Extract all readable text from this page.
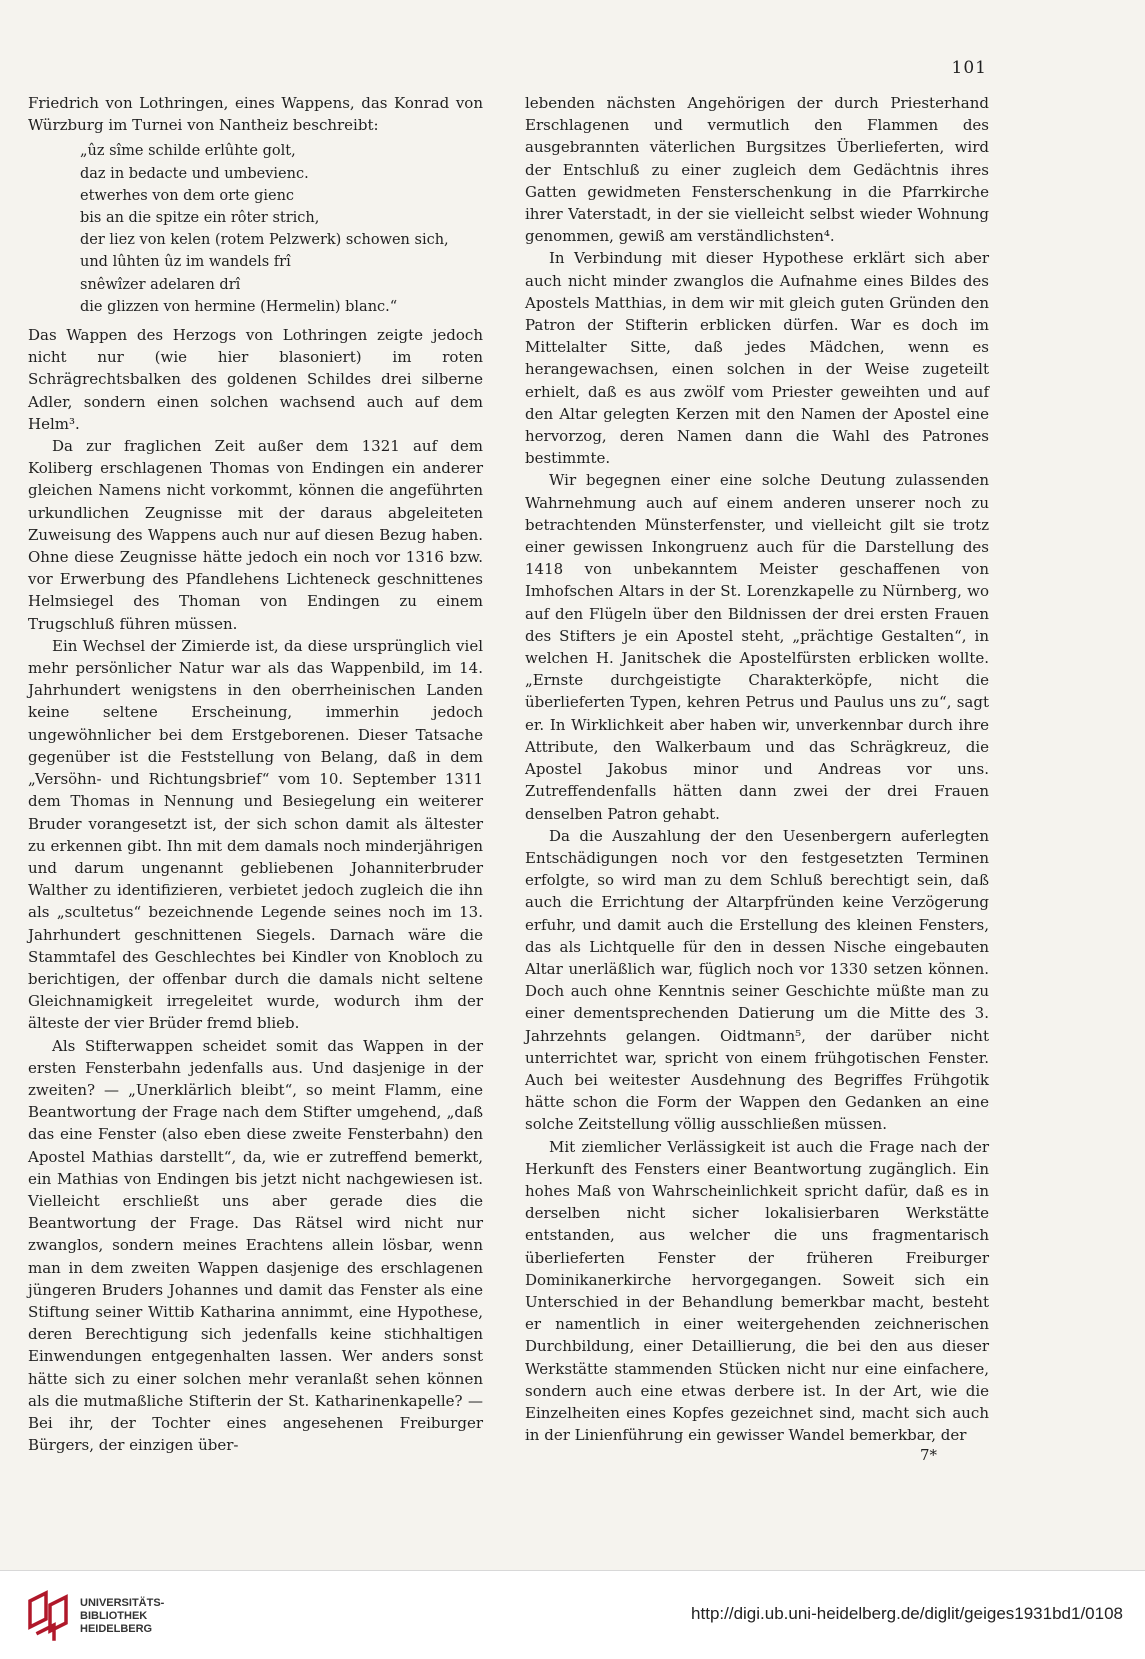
101

Friedrich von Lothringen, eines Wappens, das Konrad von Würzburg im Turnei von Nantheiz beschreibt:

„ûz sîme schilde erlûhte golt,
daz in bedacte und umbevienc.
etwerhes von dem orte gienc
bis an die spitze ein rôter strich,
der liez von kelen (rotem Pelzwerk) schowen sich,
und lûhten ûz im wandels frî
snêwîzer adelaren drî
die glizzen von hermine (Hermelin) blanc.“

Das Wappen des Herzogs von Lothringen zeigte jedoch nicht nur (wie hier blasoniert) im roten Schrägrechtsbalken des goldenen Schildes drei silberne Adler, sondern einen solchen wachsend auch auf dem Helm³.

Da zur fraglichen Zeit außer dem 1321 auf dem Koliberg erschlagenen Thomas von Endingen ein anderer gleichen Namens nicht vorkommt, können die angeführten urkundlichen Zeugnisse mit der daraus abgeleiteten Zuweisung des Wappens auch nur auf diesen Bezug haben. Ohne diese Zeugnisse hätte jedoch ein noch vor 1316 bzw. vor Erwerbung des Pfandlehens Lichteneck geschnittenes Helmsiegel des Thoman von Endingen zu einem Trugschluß führen müssen.

Ein Wechsel der Zimierde ist, da diese ursprünglich viel mehr persönlicher Natur war als das Wappenbild, im 14. Jahrhundert wenigstens in den oberrheinischen Landen keine seltene Erscheinung, immerhin jedoch ungewöhnlicher bei dem Erstgeborenen. Dieser Tatsache gegenüber ist die Feststellung von Belang, daß in dem „Versöhn- und Richtungsbrief“ vom 10. September 1311 dem Thomas in Nennung und Besiegelung ein weiterer Bruder vorangesetzt ist, der sich schon damit als ältester zu erkennen gibt. Ihn mit dem damals noch minderjährigen und darum ungenannt gebliebenen Johanniterbruder Walther zu identifizieren, verbietet jedoch zugleich die ihn als „scultetus“ bezeichnende Legende seines noch im 13. Jahrhundert geschnittenen Siegels. Darnach wäre die Stammtafel des Geschlechtes bei Kindler von Knobloch zu berichtigen, der offenbar durch die damals nicht seltene Gleichnamigkeit irregeleitet wurde, wodurch ihm der älteste der vier Brüder fremd blieb.

Als Stifterwappen scheidet somit das Wappen in der ersten Fensterbahn jedenfalls aus. Und dasjenige in der zweiten? — „Unerklärlich bleibt“, so meint Flamm, eine Beantwortung der Frage nach dem Stifter umgehend, „daß das eine Fenster (also eben diese zweite Fensterbahn) den Apostel Mathias darstellt“, da, wie er zutreffend bemerkt, ein Mathias von Endingen bis jetzt nicht nachgewiesen ist. Vielleicht erschließt uns aber gerade dies die Beantwortung der Frage. Das Rätsel wird nicht nur zwanglos, sondern meines Erachtens allein lösbar, wenn man in dem zweiten Wappen dasjenige des erschlagenen jüngeren Bruders Johannes und damit das Fenster als eine Stiftung seiner Wittib Katharina annimmt, eine Hypothese, deren Berechtigung sich jedenfalls keine stichhaltigen Einwendungen entgegenhalten lassen. Wer anders sonst hätte sich zu einer solchen mehr veranlaßt sehen können als die mutmaßliche Stifterin der St. Katharinenkapelle? — Bei ihr, der Tochter eines angesehenen Freiburger Bürgers, der einzigen über-

lebenden nächsten Angehörigen der durch Priesterhand Erschlagenen und vermutlich den Flammen des ausgebrannten väterlichen Burgsitzes Überlieferten, wird der Entschluß zu einer zugleich dem Gedächtnis ihres Gatten gewidmeten Fensterschenkung in die Pfarrkirche ihrer Vaterstadt, in der sie vielleicht selbst wieder Wohnung genommen, gewiß am verständlichsten⁴.

In Verbindung mit dieser Hypothese erklärt sich aber auch nicht minder zwanglos die Aufnahme eines Bildes des Apostels Matthias, in dem wir mit gleich guten Gründen den Patron der Stifterin erblicken dürfen. War es doch im Mittelalter Sitte, daß jedes Mädchen, wenn es herangewachsen, einen solchen in der Weise zugeteilt erhielt, daß es aus zwölf vom Priester geweihten und auf den Altar gelegten Kerzen mit den Namen der Apostel eine hervorzog, deren Namen dann die Wahl des Patrones bestimmte.

Wir begegnen einer eine solche Deutung zulassenden Wahrnehmung auch auf einem anderen unserer noch zu betrachtenden Münsterfenster, und vielleicht gilt sie trotz einer gewissen Inkongruenz auch für die Darstellung des 1418 von unbekanntem Meister geschaffenen von Imhofschen Altars in der St. Lorenzkapelle zu Nürnberg, wo auf den Flügeln über den Bildnissen der drei ersten Frauen des Stifters je ein Apostel steht, „prächtige Gestalten“, in welchen H. Janitschek die Apostelfürsten erblicken wollte. „Ernste durchgeistigte Charakterköpfe, nicht die überlieferten Typen, kehren Petrus und Paulus uns zu“, sagt er. In Wirklichkeit aber haben wir, unverkennbar durch ihre Attribute, den Walkerbaum und das Schrägkreuz, die Apostel Jakobus minor und Andreas vor uns. Zutreffendenfalls hätten dann zwei der drei Frauen denselben Patron gehabt.

Da die Auszahlung der den Uesenbergern auferlegten Entschädigungen noch vor den festgesetzten Terminen erfolgte, so wird man zu dem Schluß berechtigt sein, daß auch die Errichtung der Altarpfründen keine Verzögerung erfuhr, und damit auch die Erstellung des kleinen Fensters, das als Lichtquelle für den in dessen Nische eingebauten Altar unerläßlich war, füglich noch vor 1330 setzen können. Doch auch ohne Kenntnis seiner Geschichte müßte man zu einer dementsprechenden Datierung um die Mitte des 3. Jahrzehnts gelangen. Oidtmann⁵, der darüber nicht unterrichtet war, spricht von einem frühgotischen Fenster. Auch bei weitester Ausdehnung des Begriffes Frühgotik hätte schon die Form der Wappen den Gedanken an eine solche Zeitstellung völlig ausschließen müssen.

Mit ziemlicher Verlässigkeit ist auch die Frage nach der Herkunft des Fensters einer Beantwortung zugänglich. Ein hohes Maß von Wahrscheinlichkeit spricht dafür, daß es in derselben nicht sicher lokalisierbaren Werkstätte entstanden, aus welcher die uns fragmentarisch überlieferten Fenster der früheren Freiburger Dominikanerkirche hervorgegangen. Soweit sich ein Unterschied in der Behandlung bemerkbar macht, besteht er namentlich in einer weitergehenden zeichnerischen Durchbildung, einer Detaillierung, die bei den aus dieser Werkstätte stammenden Stücken nicht nur eine einfachere, sondern auch eine etwas derbere ist. In der Art, wie die Einzelheiten eines Kopfes gezeichnet sind, macht sich auch in der Linienführung ein gewisser Wandel bemerkbar, der

7*
UNIVERSITÄTS-
BIBLIOTHEK
HEIDELBERG
http://digi.ub.uni-heidelberg.de/diglit/geiges1931bd1/0108
